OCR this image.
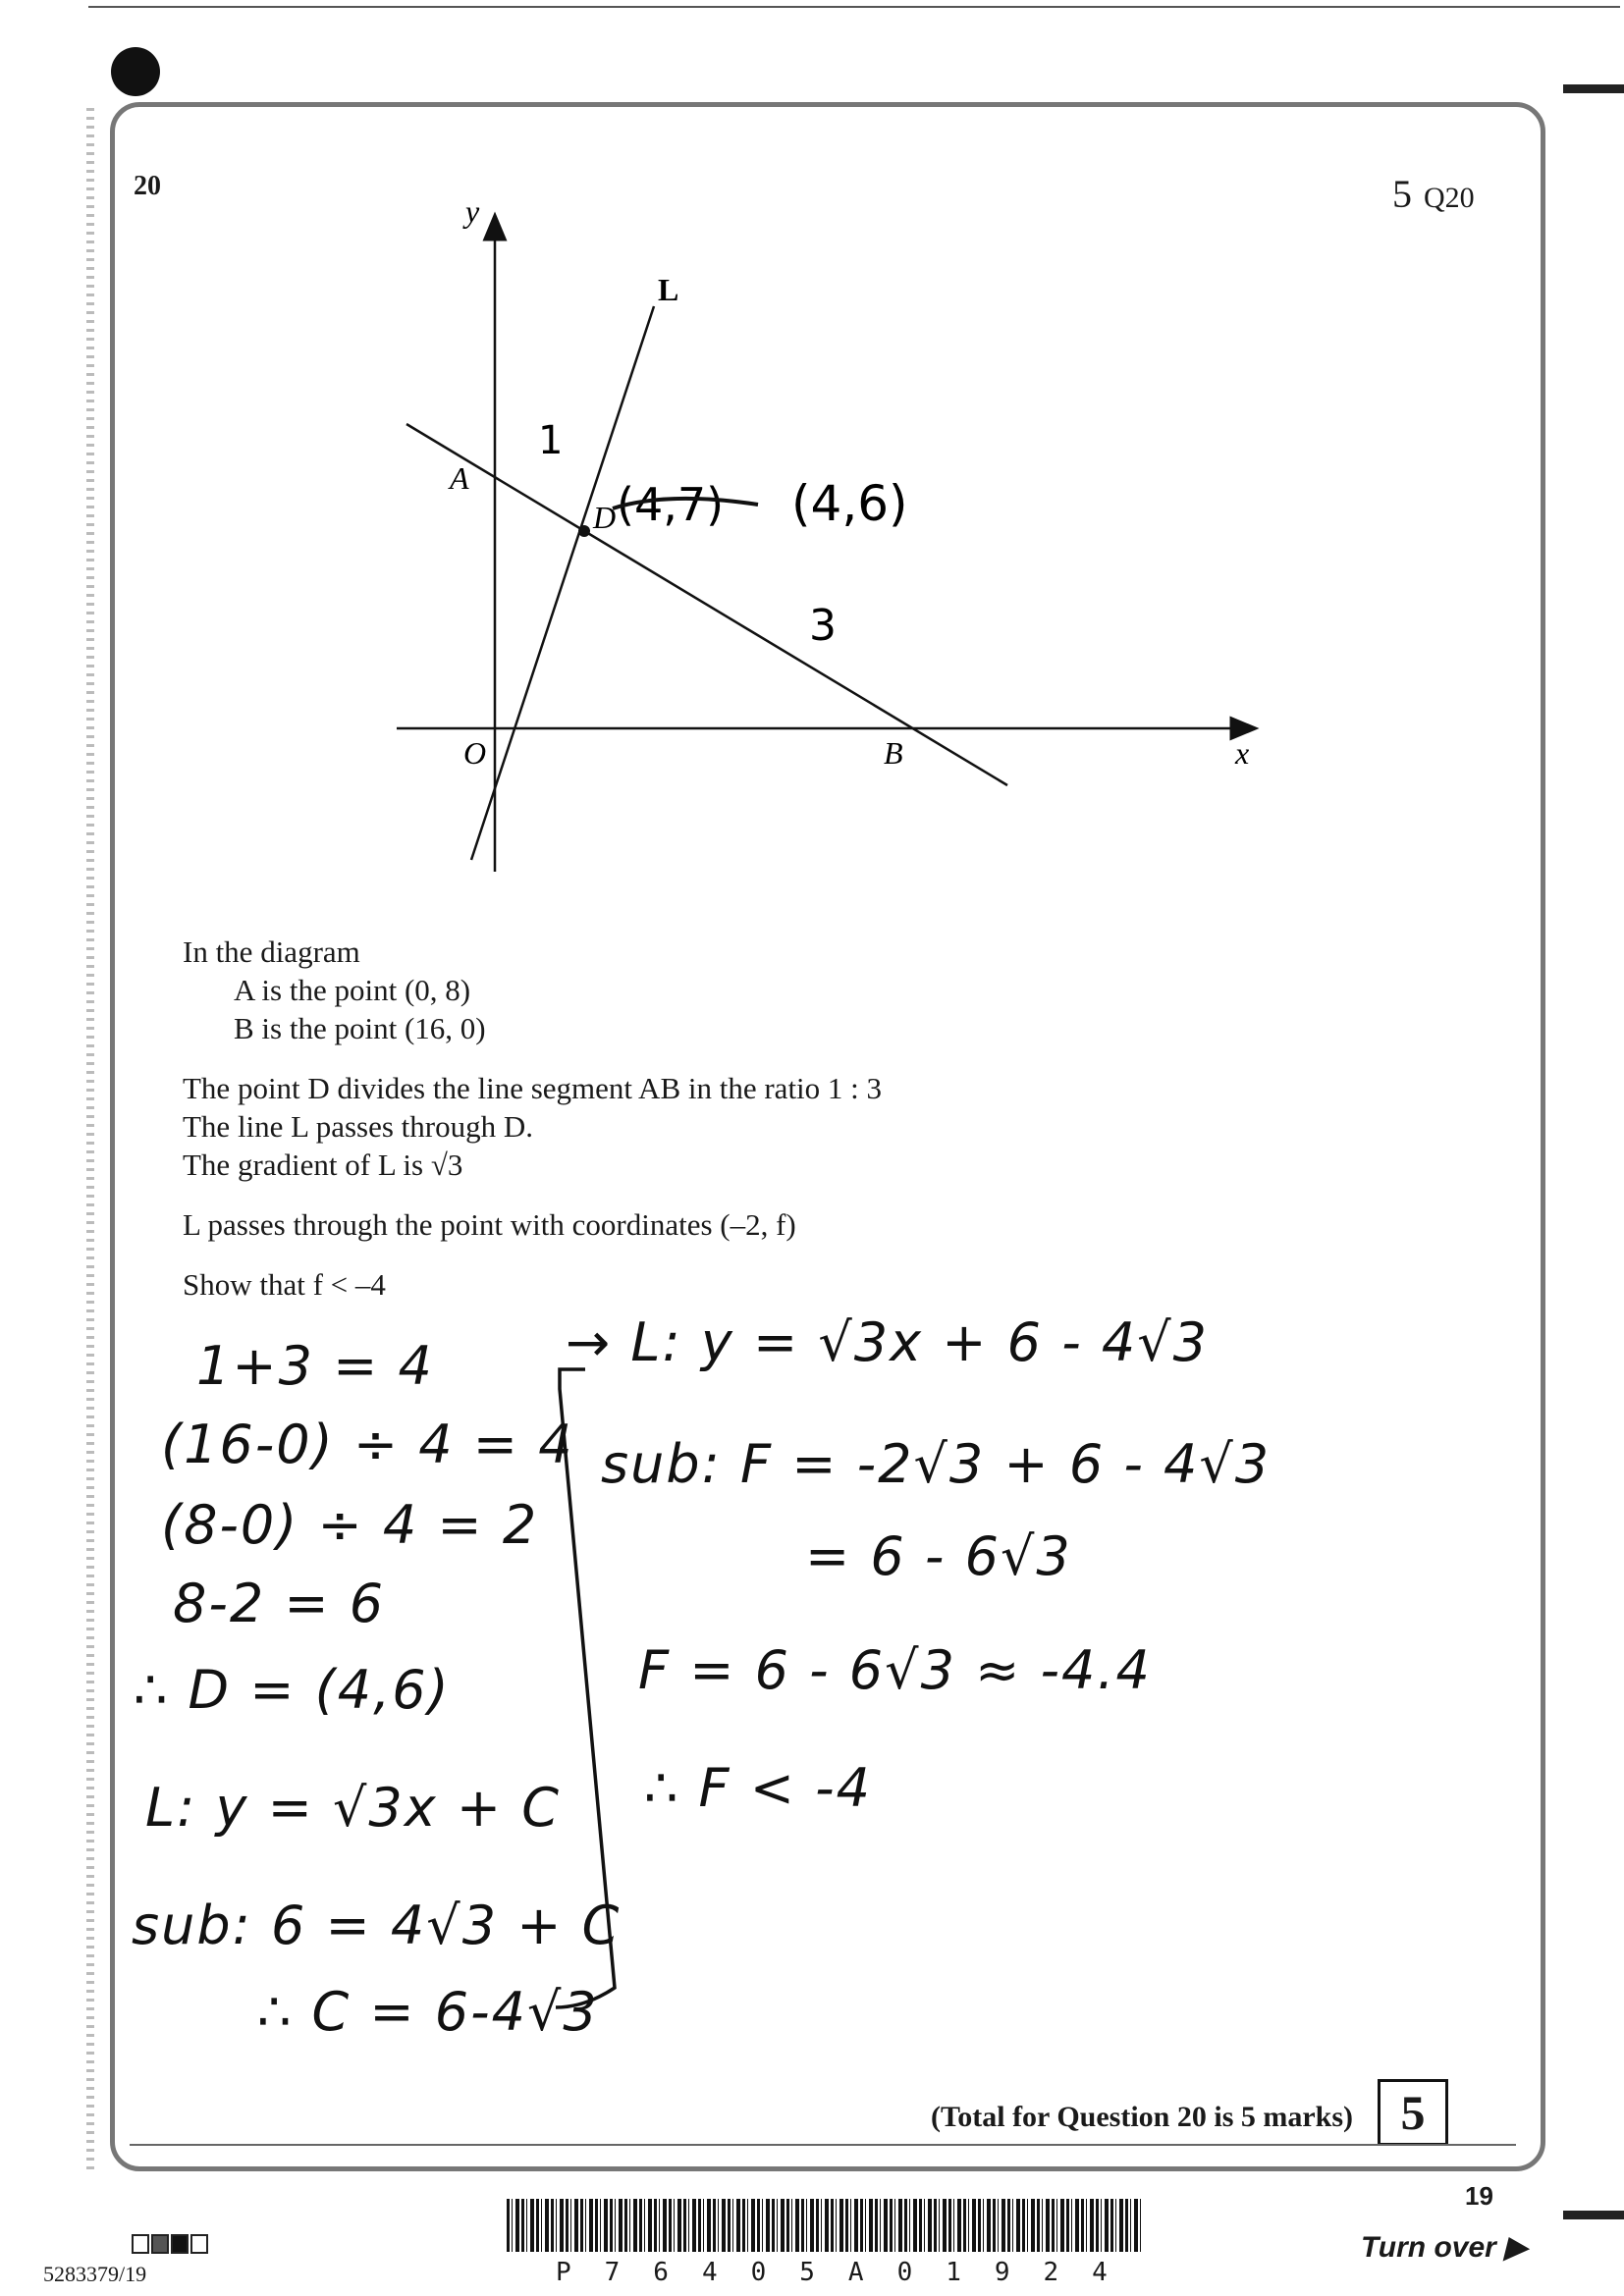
20	5 Q20
y
x
L
O
A
B
D
1
3
(4,7) (4,6)
In the diagram
A is the point (0, 8)
B is the point (16, 0)
The point D divides the line segment AB in the ratio 1 : 3
The line L passes through D.
The gradient of L is √3
L passes through the point with coordinates (–2, f)
Show that f < –4
1+3 = 4
(16-0) ÷ 4 = 4
(8-0) ÷ 4 = 2
8-2 = 6
∴ D = (4,6)
L: y = √3x + C
sub: 6 = 4√3 + C
∴ C = 6-4√3
→ L: y = √3x + 6 - 4√3
sub: F = -2√3 + 6 - 4√3
= 6 - 6√3
F = 6 - 6√3 ≈ -4.4
∴ F < -4
(Total for Question 20 is 5 marks) 5
19
Turn over ▶
5283379/19	P76405A01924
